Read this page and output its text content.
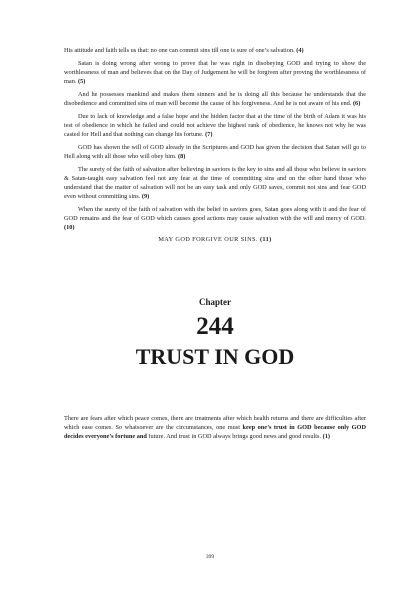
His attitude and faith tells us that: no one can commit sins till one is sure of one’s salvation. (4)

Satan is doing wrong after wrong to prove that he was right in disobeying GOD and trying to show the worthlessness of man and believes that on the Day of Judgement he will be forgiven after proving the worthlessness of man. (5)

And he possesses mankind and makes them sinners and he is doing all this because he understands that the disobedience and committed sins of man will become the cause of his forgiveness. And he is not aware of his end. (6)

Due to lack of knowledge and a false hope and the hidden factor that at the time of the birth of Adam it was his test of obedience in which he failed and could not achieve the highest rank of obedience, he knows not why he was casted for Hell and that nothing can change his fortune. (7)

GOD has shown the will of GOD already in the Scriptures and GOD has given the decision that Satan will go to Hell along with all those who will obey him. (8)

The surety of the faith of salvation after believing in saviors is the key to sins and all those who believe in saviors & Satan-taught easy salvation feel not any fear at the time of committing sins and on the other hand those who understand that the matter of salvation will not be an easy task and only GOD saves, commit not sins and fear GOD even without committing sins. (9)

When the surety of the faith of salvation with the belief in saviors goes, Satan goes along with it and the fear of GOD remains and the fear of GOD which causes good actions may cause salvation with the will and mercy of GOD. (10)

MAY GOD FORGIVE OUR SINS. (11)
Chapter
244
TRUST IN GOD

There are fears after which peace comes, there are treatments after which health returns and there are difficulties after which ease comes. So whatsoever are the circumstances, one must keep one’s trust in GOD because only GOD decides everyone’s fortune and future. And trust in GOD always brings good news and good results. (1)

399
